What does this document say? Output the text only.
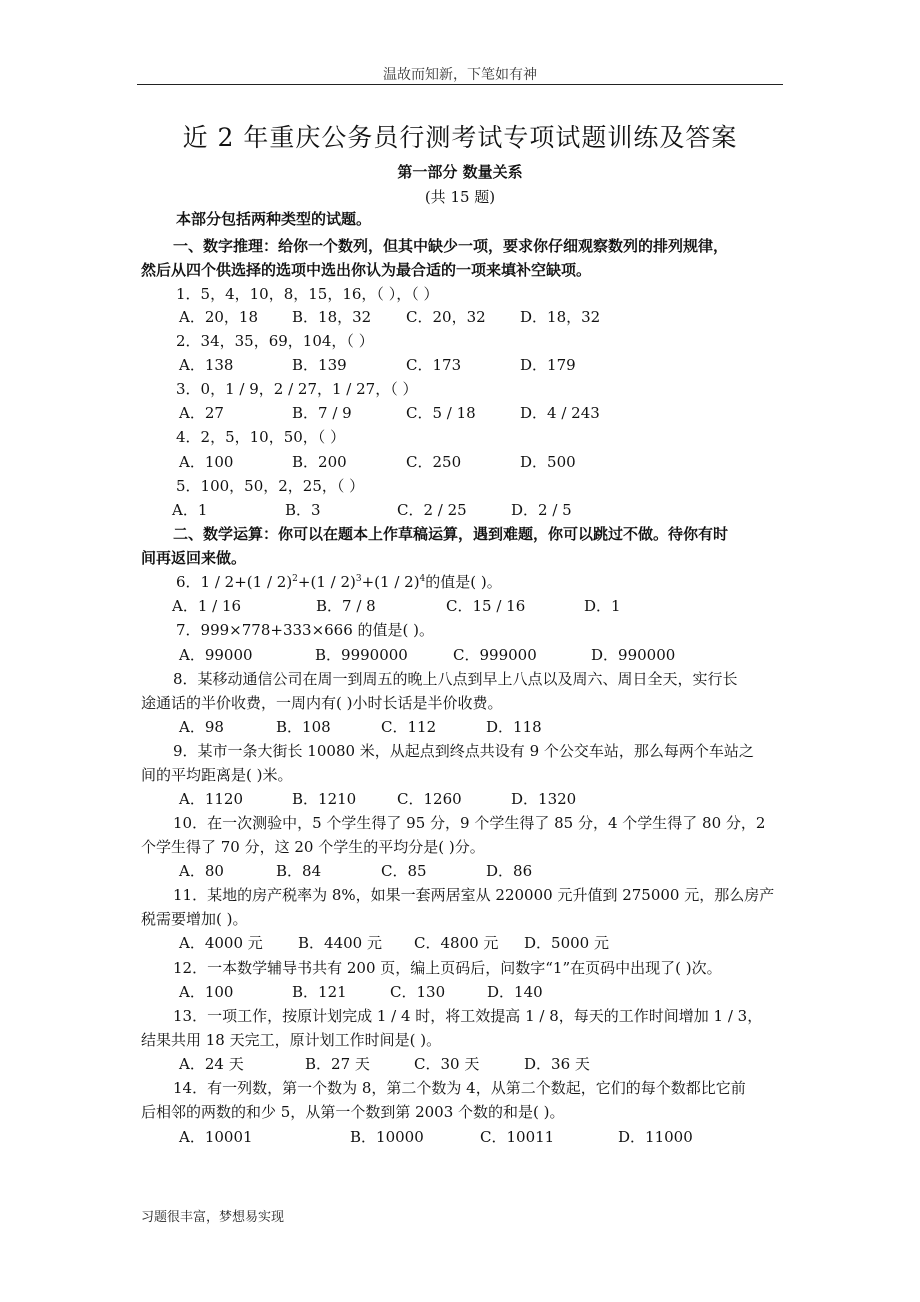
温故而知新，下笔如有神
近 2 年重庆公务员行测考试专项试题训练及答案
第一部分 数量关系
(共 15 题)
本部分包括两种类型的试题。
一、数字推理：给你一个数列，但其中缺少一项，要求你仔细观察数列的排列规律，
然后从四个供选择的选项中选出你认为最合适的一项来填补空缺项。
1．5，4，10，8，15，16，（ ），（ ）
A．20，18 B．18，32 C．20，32 D．18，32
2．34，35，69，104，（ ）
A．138	B．139	C．173	D．179
3．0，1 / 9，2 / 27，1 / 27，（ ）
A．27	B．7 / 9	C．5 / 18	D．4 / 243
4．2，5，10，50，（ ）
A．100	B．200	C．250	D．500
5．100，50，2，25，（ ）
A．1	B．3	C．2 / 25	D．2 / 5
二、数学运算：你可以在题本上作草稿运算，遇到难题，你可以跳过不做。待你有时
间再返回来做。
6．1 / 2+(1 / 2)$^2$+(1 / 2)$^3$+(1 / 2)$^4$的值是( )。
A．1 / 16	B．7 / 8	C．15 / 16	D．1
7．999×778+333×666 的值是( )。
A．99000	B．9990000	C．999000	D．990000
8．某移动通信公司在周一到周五的晚上八点到早上八点以及周六、周日全天，实行长
途通话的半价收费，一周内有( )小时长话是半价收费。
A．98	B．108	C．112	D．118
9．某市一条大街长 10080 米，从起点到终点共设有 9 个公交车站，那么每两个车站之
间的平均距离是( )米。
A．1120	B．1210	C．1260	D．1320
10．在一次测验中，5 个学生得了 95 分，9 个学生得了 85 分，4 个学生得了 80 分，2
个学生得了 70 分，这 20 个学生的平均分是( )分。
A．80	B．84	C．85	D．86
11．某地的房产税率为 8%，如果一套两居室从 220000 元升值到 275000 元，那么房产
税需要增加( )。
A．4000 元 B．4400 元 C．4800 元 D．5000 元
12．一本数学辅导书共有 200 页，编上页码后，问数字“1”在页码中出现了( )次。
A．100	B．121	C．130	D．140
13．一项工作，按原计划完成 1 / 4 时，将工效提高 1 / 8，每天的工作时间增加 1 / 3，
结果共用 18 天完工，原计划工作时间是( )。
A．24 天	B．27 天	C．30 天	D．36 天
14．有一列数，第一个数为 8，第二个数为 4，从第二个数起，它们的每个数都比它前
后相邻的两数的和少 5，从第一个数到第 2003 个数的和是( )。
A．10001	B．10000	C．10011	D．11000
习题很丰富，梦想易实现
